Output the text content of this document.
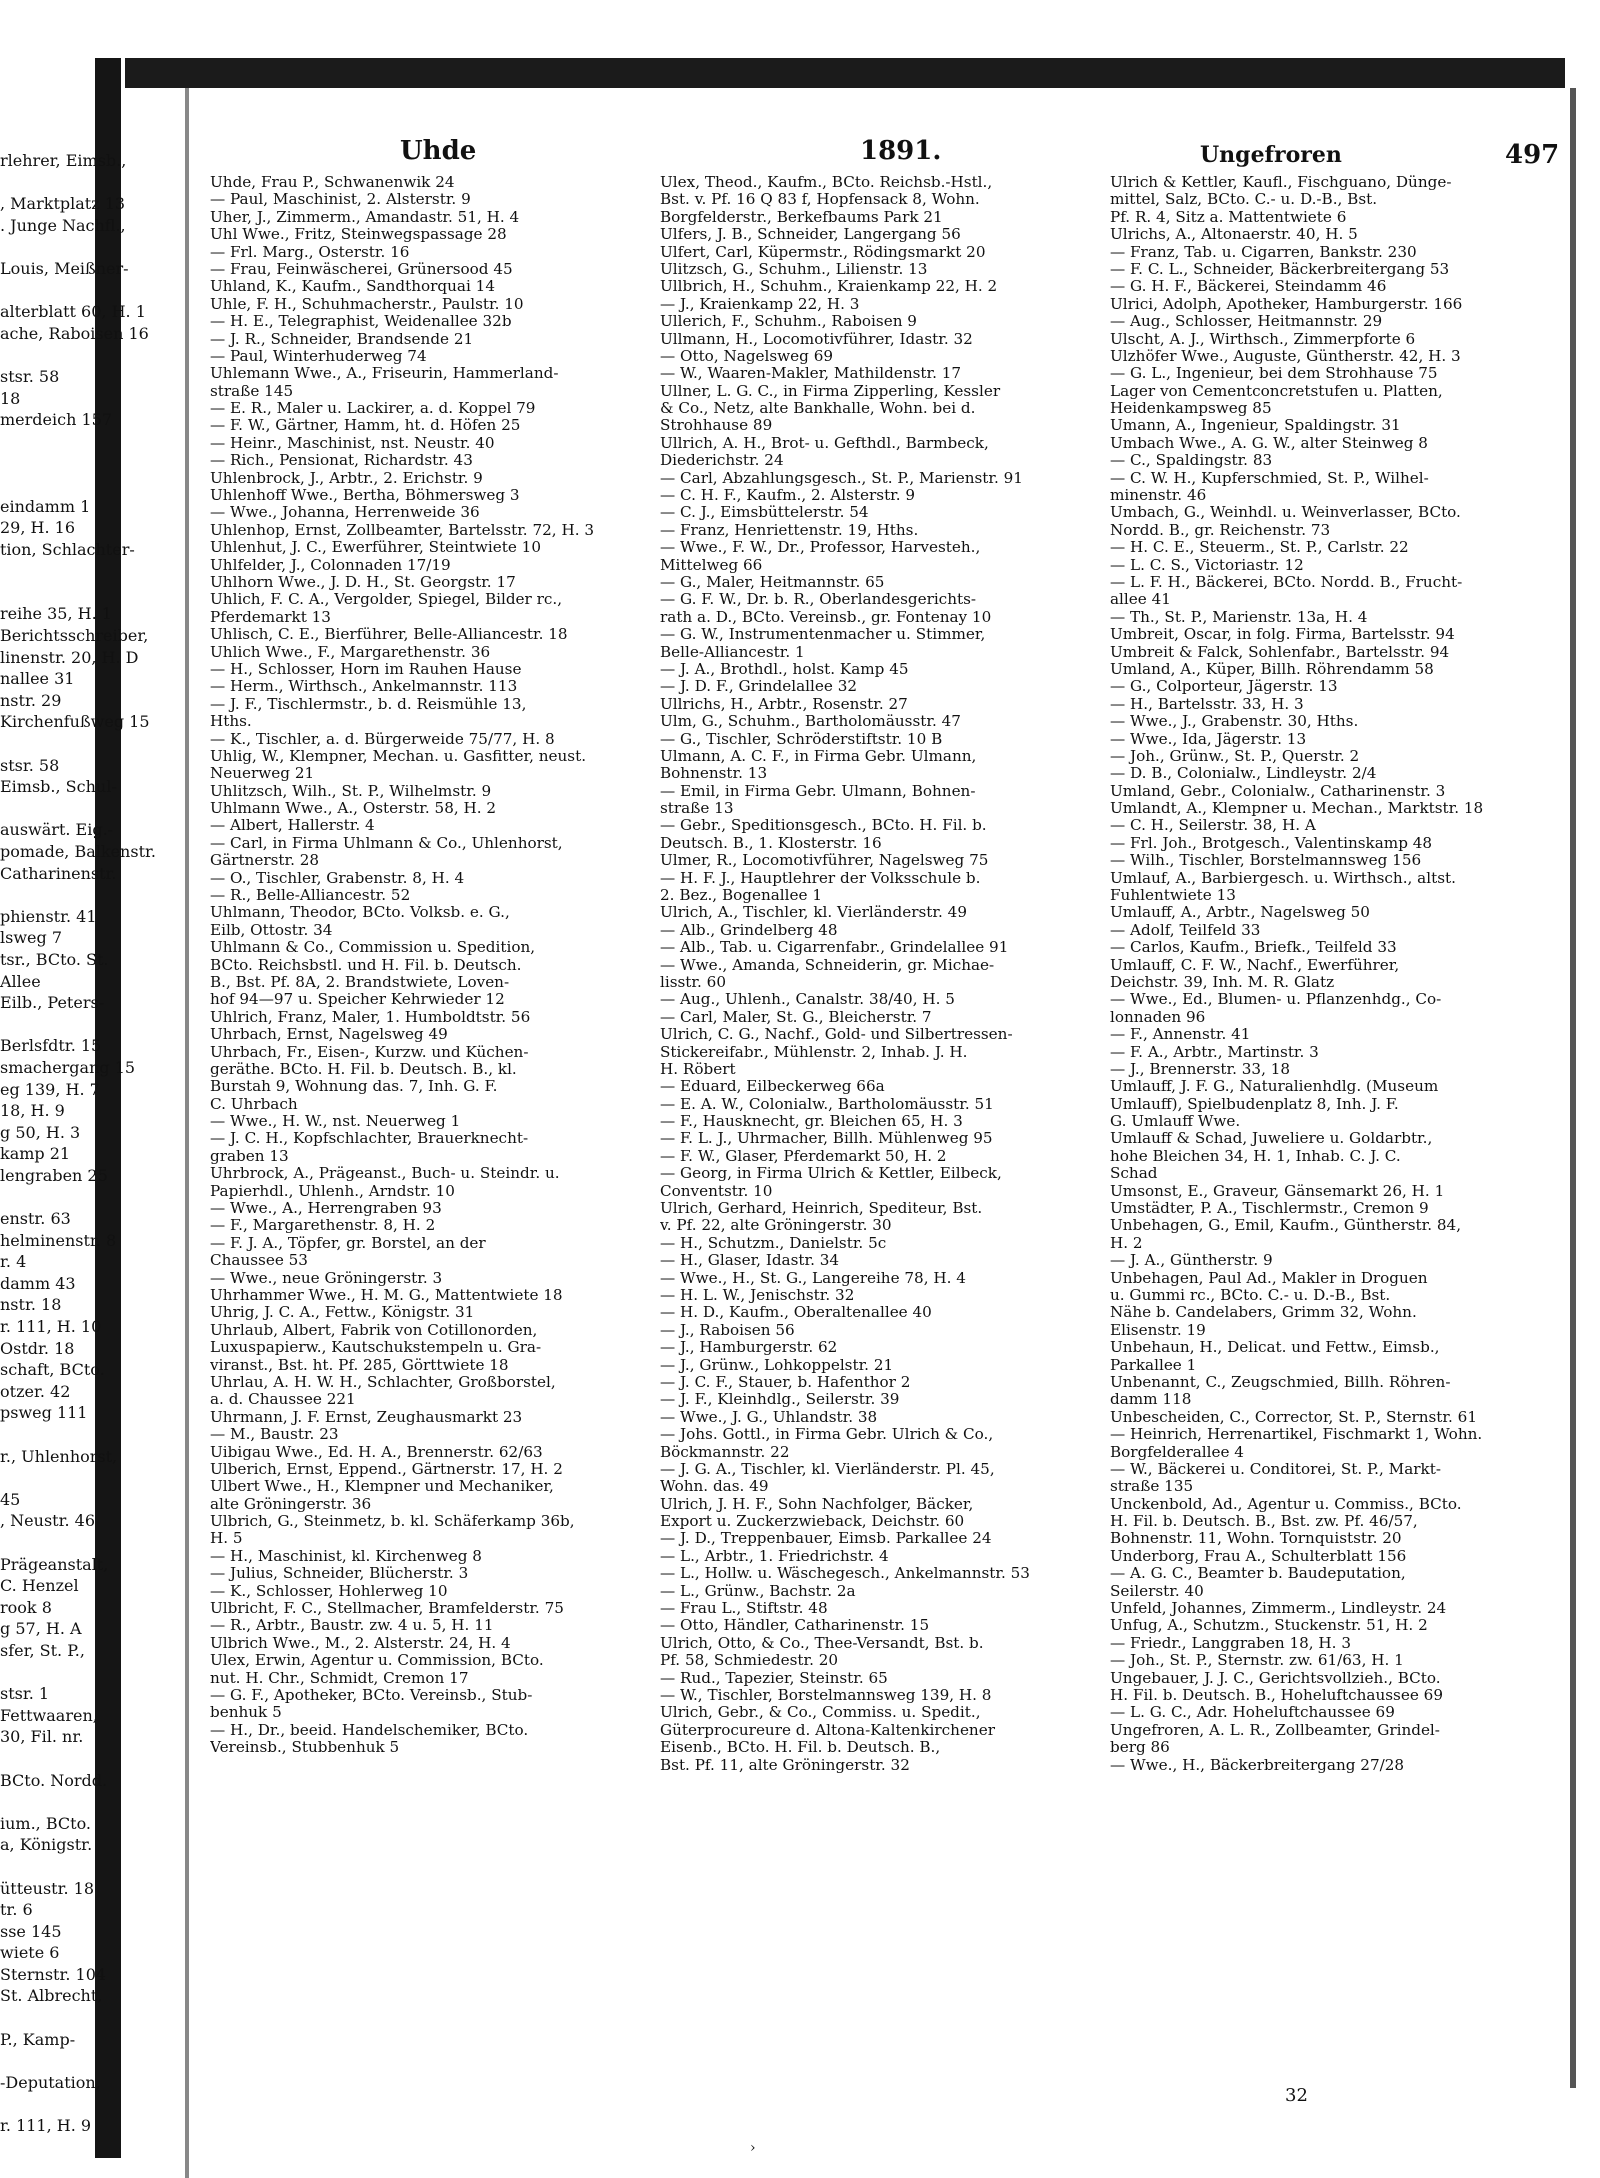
rlehrer, Eimsb.,
, Marktplatz 13
. Junge Nachfl.,
Louis, Meißner-
alterblatt 60, H. 1
ache, Raboisen 16
stsr. 58
18
merdeich 157
eindamm 1
29, H. 16
tion, Schlachter-
reihe 35, H. 1
Berichtsschreiber,
linenstr. 20, H. D
nallee 31
nstr. 29
Kirchenfußweg 15
stsr. 58
Eimsb., Schul-
auswärt. Eig.-
pomade, Balkenstr.
Catharinenstr.
phienstr. 41
lsweg 7
tsr., BCto. St.
Allee
Eilb., Peters-
Berlsfdtr. 15
smachergang 15
eg 139, H. 7
18, H. 9
g 50, H. 3
kamp 21
lengraben 25
enstr. 63
helminenstr. 8
r. 4
damm 43
nstr. 18
r. 111, H. 10
Ostdr. 18
schaft, BCto.
otzer. 42
psweg 111
r., Uhlenhorst,
45
, Neustr. 46
Prägeanstalt,
C. Henzel
rook 8
g 57, H. A
sfer, St. P.,
stsr. 1
Fettwaaren,
30, Fil. nr.
BCto. Nordd.
ium., BCto.
a, Königstr.
ütteustr. 18
tr. 6
sse 145
wiete 6
Sternstr. 104
St. Albrecht,
P., Kamp-
-Deputation,
r. 111, H. 9
Uhde	1891.	Ungefroren	497
Uhde, Frau P., Schwanenwik 24
— Paul, Maschinist, 2. Alsterstr. 9
Uher, J., Zimmerm., Amandastr. 51, H. 4
Uhl Wwe., Fritz, Steinwegspassage 28
— Frl. Marg., Osterstr. 16
— Frau, Feinwäscherei, Grünersood 45
Uhland, K., Kaufm., Sandthorquai 14
Uhle, F. H., Schuhmacherstr., Paulstr. 10
— H. E., Telegraphist, Weidenallee 32b
— J. R., Schneider, Brandsende 21
— Paul, Winterhuderweg 74
Uhlemann Wwe., A., Friseurin, Hammerland-
straße 145
— E. R., Maler u. Lackirer, a. d. Koppel 79
— F. W., Gärtner, Hamm, ht. d. Höfen 25
— Heinr., Maschinist, nst. Neustr. 40
— Rich., Pensionat, Richardstr. 43
Uhlenbrock, J., Arbtr., 2. Erichstr. 9
Uhlenhoff Wwe., Bertha, Böhmersweg 3
— Wwe., Johanna, Herrenweide 36
Uhlenhop, Ernst, Zollbeamter, Bartelsstr. 72, H. 3
Uhlenhut, J. C., Ewerführer, Steintwiete 10
Uhlfelder, J., Colonnaden 17/19
Uhlhorn Wwe., J. D. H., St. Georgstr. 17
Uhlich, F. C. A., Vergolder, Spiegel, Bilder rc.,
Pferdemarkt 13
Uhlisch, C. E., Bierführer, Belle-Alliancestr. 18
Uhlich Wwe., F., Margarethenstr. 36
— H., Schlosser, Horn im Rauhen Hause
— Herm., Wirthsch., Ankelmannstr. 113
— J. F., Tischlermstr., b. d. Reismühle 13,
Hths.
— K., Tischler, a. d. Bürgerweide 75/77, H. 8
Uhlig, W., Klempner, Mechan. u. Gasfitter, neust.
Neuerweg 21
Uhlitzsch, Wilh., St. P., Wilhelmstr. 9
Uhlmann Wwe., A., Osterstr. 58, H. 2
— Albert, Hallerstr. 4
— Carl, in Firma Uhlmann & Co., Uhlenhorst,
Gärtnerstr. 28
— O., Tischler, Grabenstr. 8, H. 4
— R., Belle-Alliancestr. 52
Uhlmann, Theodor, BCto. Volksb. e. G.,
Eilb, Ottostr. 34
Uhlmann & Co., Commission u. Spedition,
BCto. Reichsbstl. und H. Fil. b. Deutsch.
B., Bst. Pf. 8A, 2. Brandstwiete, Loven-
hof 94—97 u. Speicher Kehrwieder 12
Uhlrich, Franz, Maler, 1. Humboldtstr. 56
Uhrbach, Ernst, Nagelsweg 49
Uhrbach, Fr., Eisen-, Kurzw. und Küchen-
geräthe. BCto. H. Fil. b. Deutsch. B., kl.
Burstah 9, Wohnung das. 7, Inh. G. F.
C. Uhrbach
— Wwe., H. W., nst. Neuerweg 1
— J. C. H., Kopfschlachter, Brauerknecht-
graben 13
Uhrbrock, A., Prägeanst., Buch- u. Steindr. u.
Papierhdl., Uhlenh., Arndstr. 10
— Wwe., A., Herrengraben 93
— F., Margarethenstr. 8, H. 2
— F. J. A., Töpfer, gr. Borstel, an der
Chaussee 53
— Wwe., neue Gröningerstr. 3
Uhrhammer Wwe., H. M. G., Mattentwiete 18
Uhrig, J. C. A., Fettw., Königstr. 31
Uhrlaub, Albert, Fabrik von Cotillonorden,
Luxuspapierw., Kautschukstempeln u. Gra-
viranst., Bst. ht. Pf. 285, Görttwiete 18
Uhrlau, A. H. W. H., Schlachter, Großborstel,
a. d. Chaussee 221
Uhrmann, J. F. Ernst, Zeughausmarkt 23
— M., Baustr. 23
Uibigau Wwe., Ed. H. A., Brennerstr. 62/63
Ulberich, Ernst, Eppend., Gärtnerstr. 17, H. 2
Ulbert Wwe., H., Klempner und Mechaniker,
alte Gröningerstr. 36
Ulbrich, G., Steinmetz, b. kl. Schäferkamp 36b,
H. 5
— H., Maschinist, kl. Kirchenweg 8
— Julius, Schneider, Blücherstr. 3
— K., Schlosser, Hohlerweg 10
Ulbricht, F. C., Stellmacher, Bramfelderstr. 75
— R., Arbtr., Baustr. zw. 4 u. 5, H. 11
Ulbrich Wwe., M., 2. Alsterstr. 24, H. 4
Ulex, Erwin, Agentur u. Commission, BCto.
nut. H. Chr., Schmidt, Cremon 17
— G. F., Apotheker, BCto. Vereinsb., Stub-
benhuk 5
— H., Dr., beeid. Handelschemiker, BCto.
Vereinsb., Stubbenhuk 5
Ulex, Theod., Kaufm., BCto. Reichsb.-Hstl.,
Bst. v. Pf. 16 Q 83 f, Hopfensack 8, Wohn.
Borgfelderstr., Berkefbaums Park 21
Ulfers, J. B., Schneider, Langergang 56
Ulfert, Carl, Küpermstr., Rödingsmarkt 20
Ulitzsch, G., Schuhm., Lilienstr. 13
Ullbrich, H., Schuhm., Kraienkamp 22, H. 2
— J., Kraienkamp 22, H. 3
Ullerich, F., Schuhm., Raboisen 9
Ullmann, H., Locomotivführer, Idastr. 32
— Otto, Nagelsweg 69
— W., Waaren-Makler, Mathildenstr. 17
Ullner, L. G. C., in Firma Zipperling, Kessler
& Co., Netz, alte Bankhalle, Wohn. bei d.
Strohhause 89
Ullrich, A. H., Brot- u. Gefthdl., Barmbeck,
Diederichstr. 24
— Carl, Abzahlungsgesch., St. P., Marienstr. 91
— C. H. F., Kaufm., 2. Alsterstr. 9
— C. J., Eimsbüttelerstr. 54
— Franz, Henriettenstr. 19, Hths.
— Wwe., F. W., Dr., Professor, Harvesteh.,
Mittelweg 66
— G., Maler, Heitmannstr. 65
— G. F. W., Dr. b. R., Oberlandesgerichts-
rath a. D., BCto. Vereinsb., gr. Fontenay 10
— G. W., Instrumentenmacher u. Stimmer,
Belle-Alliancestr. 1
— J. A., Brothdl., holst. Kamp 45
— J. D. F., Grindelallee 32
Ullrichs, H., Arbtr., Rosenstr. 27
Ulm, G., Schuhm., Bartholomäusstr. 47
— G., Tischler, Schröderstiftstr. 10 B
Ulmann, A. C. F., in Firma Gebr. Ulmann,
Bohnenstr. 13
— Emil, in Firma Gebr. Ulmann, Bohnen-
straße 13
— Gebr., Speditionsgesch., BCto. H. Fil. b.
Deutsch. B., 1. Klosterstr. 16
Ulmer, R., Locomotivführer, Nagelsweg 75
— H. F. J., Hauptlehrer der Volksschule b.
2. Bez., Bogenallee 1
Ulrich, A., Tischler, kl. Vierländerstr. 49
— Alb., Grindelberg 48
— Alb., Tab. u. Cigarrenfabr., Grindelallee 91
— Wwe., Amanda, Schneiderin, gr. Michae-
lisstr. 60
— Aug., Uhlenh., Canalstr. 38/40, H. 5
— Carl, Maler, St. G., Bleicherstr. 7
Ulrich, C. G., Nachf., Gold- und Silbertressen-
Stickereifabr., Mühlenstr. 2, Inhab. J. H.
H. Röbert
— Eduard, Eilbeckerweg 66a
— E. A. W., Colonialw., Bartholomäusstr. 51
— F., Hausknecht, gr. Bleichen 65, H. 3
— F. L. J., Uhrmacher, Billh. Mühlenweg 95
— F. W., Glaser, Pferdemarkt 50, H. 2
— Georg, in Firma Ulrich & Kettler, Eilbeck,
Conventstr. 10
Ulrich, Gerhard, Heinrich, Spediteur, Bst.
v. Pf. 22, alte Gröningerstr. 30
— H., Schutzm., Danielstr. 5c
— H., Glaser, Idastr. 34
— Wwe., H., St. G., Langereihe 78, H. 4
— H. L. W., Jenischstr. 32
— H. D., Kaufm., Oberaltenallee 40
— J., Raboisen 56
— J., Hamburgerstr. 62
— J., Grünw., Lohkoppelstr. 21
— J. C. F., Stauer, b. Hafenthor 2
— J. F., Kleinhdlg., Seilerstr. 39
— Wwe., J. G., Uhlandstr. 38
— Johs. Gottl., in Firma Gebr. Ulrich & Co.,
Böckmannstr. 22
— J. G. A., Tischler, kl. Vierländerstr. Pl. 45,
Wohn. das. 49
Ulrich, J. H. F., Sohn Nachfolger, Bäcker,
Export u. Zuckerzwieback, Deichstr. 60
— J. D., Treppenbauer, Eimsb. Parkallee 24
— L., Arbtr., 1. Friedrichstr. 4
— L., Hollw. u. Wäschegesch., Ankelmannstr. 53
— L., Grünw., Bachstr. 2a
— Frau L., Stiftstr. 48
— Otto, Händler, Catharinenstr. 15
Ulrich, Otto, & Co., Thee-Versandt, Bst. b.
Pf. 58, Schmiedestr. 20
— Rud., Tapezier, Steinstr. 65
— W., Tischler, Borstelmannsweg 139, H. 8
Ulrich, Gebr., & Co., Commiss. u. Spedit.,
Güterprocureure d. Altona-Kaltenkirchener
Eisenb., BCto. H. Fil. b. Deutsch. B.,
Bst. Pf. 11, alte Gröningerstr. 32
Ulrich & Kettler, Kaufl., Fischguano, Dünge-
mittel, Salz, BCto. C.- u. D.-B., Bst.
Pf. R. 4, Sitz a. Mattentwiete 6
Ulrichs, A., Altonaerstr. 40, H. 5
— Franz, Tab. u. Cigarren, Bankstr. 230
— F. C. L., Schneider, Bäckerbreitergang 53
— G. H. F., Bäckerei, Steindamm 46
Ulrici, Adolph, Apotheker, Hamburgerstr. 166
— Aug., Schlosser, Heitmannstr. 29
Ulscht, A. J., Wirthsch., Zimmerpforte 6
Ulzhöfer Wwe., Auguste, Güntherstr. 42, H. 3
— G. L., Ingenieur, bei dem Strohhause 75
Lager von Cementconcretstufen u. Platten,
Heidenkampsweg 85
Umann, A., Ingenieur, Spaldingstr. 31
Umbach Wwe., A. G. W., alter Steinweg 8
— C., Spaldingstr. 83
— C. W. H., Kupferschmied, St. P., Wilhel-
minenstr. 46
Umbach, G., Weinhdl. u. Weinverlasser, BCto.
Nordd. B., gr. Reichenstr. 73
— H. C. E., Steuerm., St. P., Carlstr. 22
— L. C. S., Victoriastr. 12
— L. F. H., Bäckerei, BCto. Nordd. B., Frucht-
allee 41
— Th., St. P., Marienstr. 13a, H. 4
Umbreit, Oscar, in folg. Firma, Bartelsstr. 94
Umbreit & Falck, Sohlenfabr., Bartelsstr. 94
Umland, A., Küper, Billh. Röhrendamm 58
— G., Colporteur, Jägerstr. 13
— H., Bartelsstr. 33, H. 3
— Wwe., J., Grabenstr. 30, Hths.
— Wwe., Ida, Jägerstr. 13
— Joh., Grünw., St. P., Querstr. 2
— D. B., Colonialw., Lindleystr. 2/4
Umland, Gebr., Colonialw., Catharinenstr. 3
Umlandt, A., Klempner u. Mechan., Marktstr. 18
— C. H., Seilerstr. 38, H. A
— Frl. Joh., Brotgesch., Valentinskamp 48
— Wilh., Tischler, Borstelmannsweg 156
Umlauf, A., Barbiergesch. u. Wirthsch., altst.
Fuhlentwiete 13
Umlauff, A., Arbtr., Nagelsweg 50
— Adolf, Teilfeld 33
— Carlos, Kaufm., Briefk., Teilfeld 33
Umlauff, C. F. W., Nachf., Ewerführer,
Deichstr. 39, Inh. M. R. Glatz
— Wwe., Ed., Blumen- u. Pflanzenhdg., Co-
lonnaden 96
— F., Annenstr. 41
— F. A., Arbtr., Martinstr. 3
— J., Brennerstr. 33, 18
Umlauff, J. F. G., Naturalienhdlg. (Museum
Umlauff), Spielbudenplatz 8, Inh. J. F.
G. Umlauff Wwe.
Umlauff & Schad, Juweliere u. Goldarbtr.,
hohe Bleichen 34, H. 1, Inhab. C. J. C.
Schad
Umsonst, E., Graveur, Gänsemarkt 26, H. 1
Umstädter, P. A., Tischlermstr., Cremon 9
Unbehagen, G., Emil, Kaufm., Güntherstr. 84,
H. 2
— J. A., Güntherstr. 9
Unbehagen, Paul Ad., Makler in Droguen
u. Gummi rc., BCto. C.- u. D.-B., Bst.
Nähe b. Candelabers, Grimm 32, Wohn.
Elisenstr. 19
Unbehaun, H., Delicat. und Fettw., Eimsb.,
Parkallee 1
Unbenannt, C., Zeugschmied, Billh. Röhren-
damm 118
Unbescheiden, C., Corrector, St. P., Sternstr. 61
— Heinrich, Herrenartikel, Fischmarkt 1, Wohn.
Borgfelderallee 4
— W., Bäckerei u. Conditorei, St. P., Markt-
straße 135
Unckenbold, Ad., Agentur u. Commiss., BCto.
H. Fil. b. Deutsch. B., Bst. zw. Pf. 46/57,
Bohnenstr. 11, Wohn. Tornquiststr. 20
Underborg, Frau A., Schulterblatt 156
— A. G. C., Beamter b. Baudeputation,
Seilerstr. 40
Unfeld, Johannes, Zimmerm., Lindleystr. 24
Unfug, A., Schutzm., Stuckenstr. 51, H. 2
— Friedr., Langgraben 18, H. 3
— Joh., St. P., Sternstr. zw. 61/63, H. 1
Ungebauer, J. J. C., Gerichtsvollzieh., BCto.
H. Fil. b. Deutsch. B., Hoheluftchaussee 69
— L. G. C., Adr. Hoheluftchaussee 69
Ungefroren, A. L. R., Zollbeamter, Grindel-
berg 86
— Wwe., H., Bäckerbreitergang 27/28
32
›
